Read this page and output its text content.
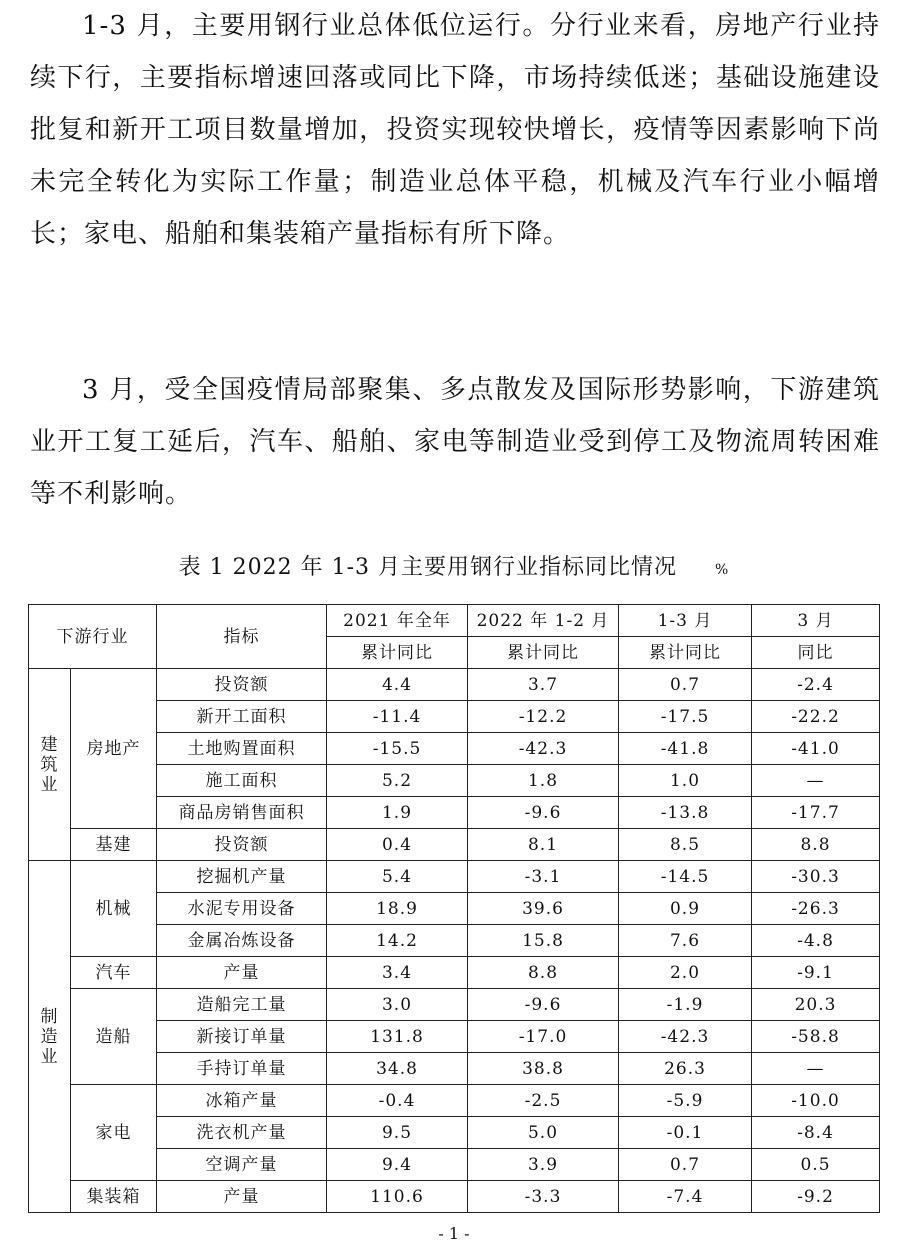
1-3 月，主要用钢行业总体低位运行。分行业来看，房地产行业持续下行，主要指标增速回落或同比下降，市场持续低迷；基础设施建设批复和新开工项目数量增加，投资实现较快增长，疫情等因素影响下尚未完全转化为实际工作量；制造业总体平稳，机械及汽车行业小幅增长；家电、船舶和集装箱产量指标有所下降。

3 月，受全国疫情局部聚集、多点散发及国际形势影响，下游建筑业开工复工延后，汽车、船舶、家电等制造业受到停工及物流周转困难等不利影响。

表 1 2022 年 1-3 月主要用钢行业指标同比情况	%
下游行业		指标	2021 年全年	2022 年 1-2 月	1-3 月	3 月
			累计同比	累计同比	累计同比	同比
建
筑
业	房地产	投资额	4.4	3.7	0.7	-2.4
		新开工面积	-11.4	-12.2	-17.5	-22.2
		土地购置面积	-15.5	-42.3	-41.8	-41.0
		施工面积	5.2	1.8	1.0	—
		商品房销售面积	1.9	-9.6	-13.8	-17.7
	基建	投资额	0.4	8.1	8.5	8.8
制
造
业	机械	挖掘机产量	5.4	-3.1	-14.5	-30.3
		水泥专用设备	18.9	39.6	0.9	-26.3
		金属冶炼设备	14.2	15.8	7.6	-4.8
	汽车	产量	3.4	8.8	2.0	-9.1
	造船	造船完工量	3.0	-9.6	-1.9	20.3
		新接订单量	131.8	-17.0	-42.3	-58.8
		手持订单量	34.8	38.8	26.3	—
	家电	冰箱产量	-0.4	-2.5	-5.9	-10.0
		洗衣机产量	9.5	5.0	-0.1	-8.4
		空调产量	9.4	3.9	0.7	0.5
	集装箱	产量	110.6	-3.3	-7.4	-9.2
- 1 -
